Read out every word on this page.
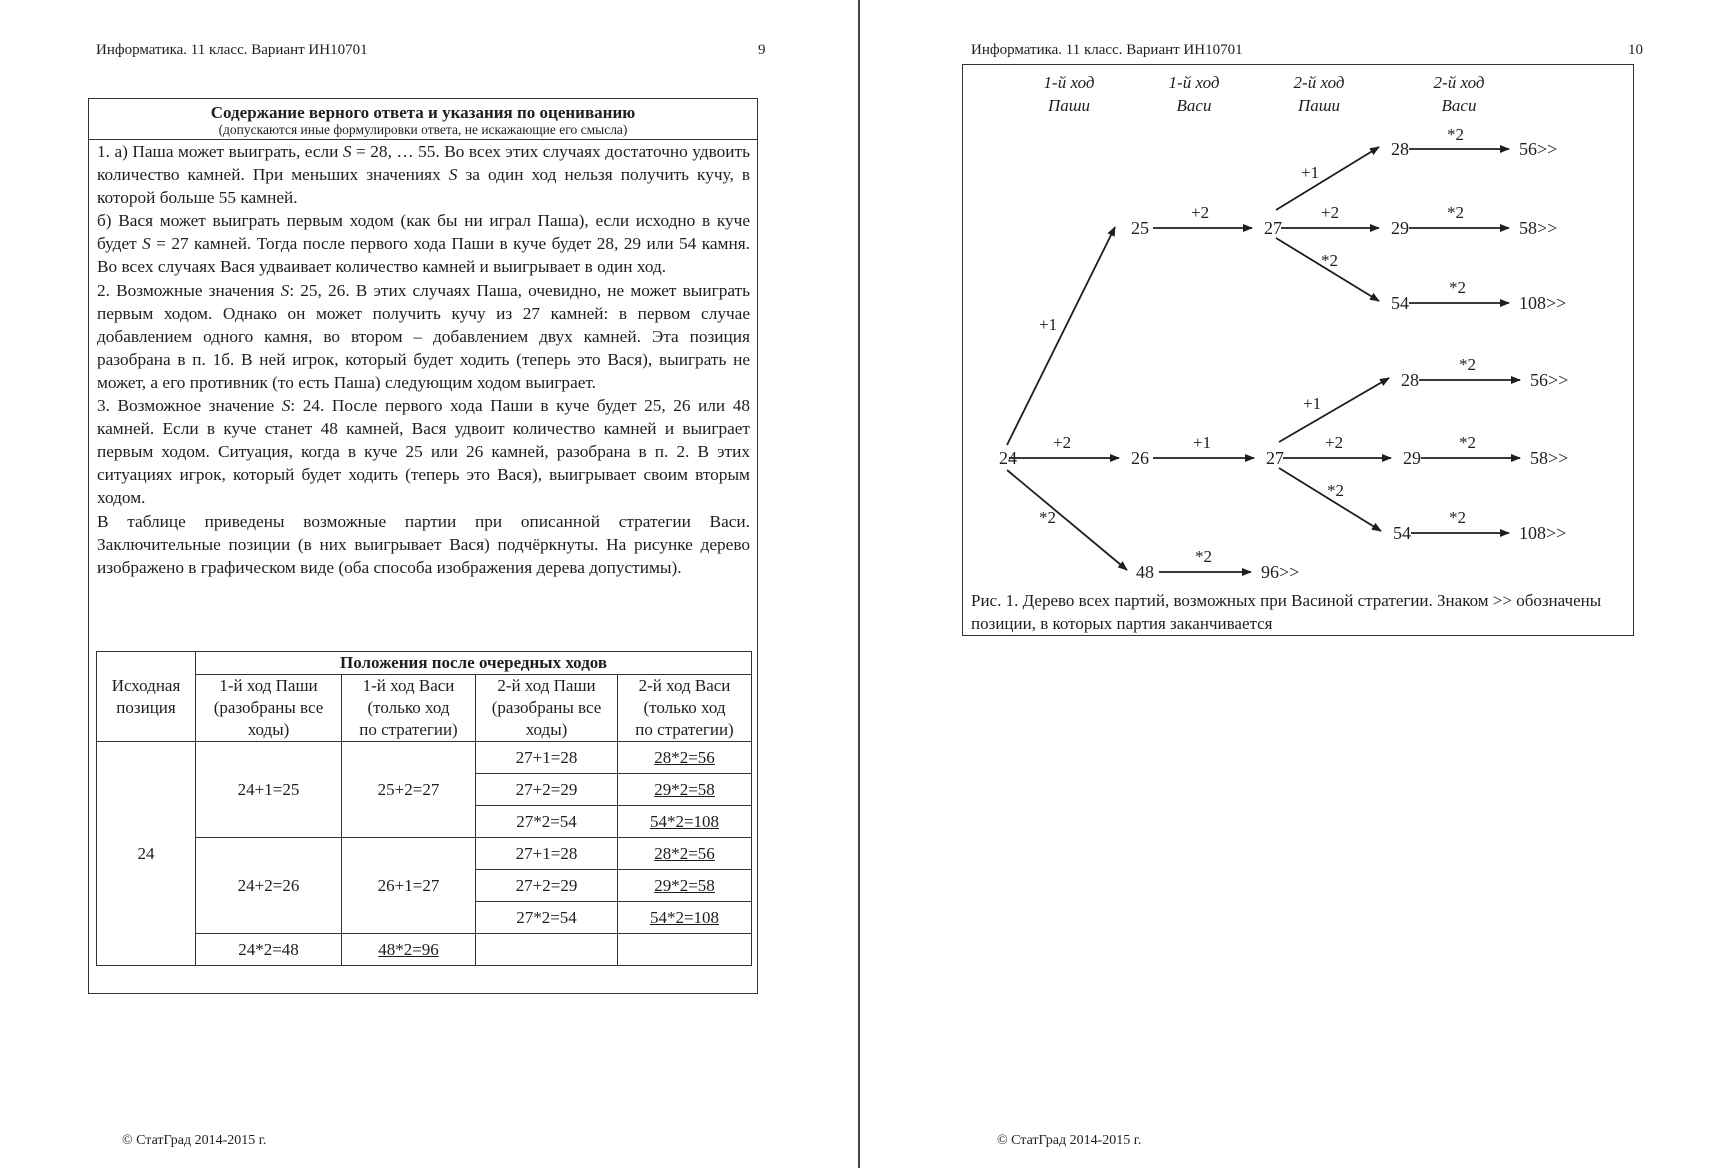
Информатика. 11 класс. Вариант ИН10701	9
Содержание верного ответа и указания по оцениванию
(допускаются иные формулировки ответа, не искажающие его смысла)

1. а) Паша может выиграть, если S = 28, … 55. Во всех этих случаях достаточно удвоить количество камней. При меньших значениях S за один ход нельзя получить кучу, в которой больше 55 камней.

б) Вася может выиграть первым ходом (как бы ни играл Паша), если исходно в куче будет S = 27 камней. Тогда после первого хода Паши в куче будет 28, 29 или 54 камня. Во всех случаях Вася удваивает количество камней и выигрывает в один ход.

2. Возможные значения S: 25, 26. В этих случаях Паша, очевидно, не может выиграть первым ходом. Однако он может получить кучу из 27 камней: в первом случае добавлением одного камня, во втором – добавлением двух камней. Эта позиция разобрана в п. 1б. В ней игрок, который будет ходить (теперь это Вася), выиграть не может, а его противник (то есть Паша) следующим ходом выиграет.

3. Возможное значение S: 24. После первого хода Паши в куче будет 25, 26 или 48 камней. Если в куче станет 48 камней, Вася удвоит количество камней и выиграет первым ходом. Ситуация, когда в куче 25 или 26 камней, разобрана в п. 2. В этих ситуациях игрок, который будет ходить (теперь это Вася), выигрывает своим вторым ходом.

В таблице приведены возможные партии при описанной стратегии Васи. Заключительные позиции (в них выигрывает Вася) подчёркнуты. На рисунке дерево изображено в графическом виде (оба способа изображения дерева допустимы).

Исходная позиция	Положения после очередных ходов			
	1-й ход Паши
(разобраны все
ходы)	1-й ход Васи
(только ход
по стратегии)	2-й ход Паши
(разобраны все
ходы)	2-й ход Васи
(только ход
по стратегии)
24	24+1=25	25+2=27	27+1=28	28*2=56
			27+2=29	29*2=58
			27*2=54	54*2=108
	24+2=26	26+1=27	27+1=28	28*2=56
			27+2=29	29*2=58
			27*2=54	54*2=108
	24*2=48	48*2=96		
© СтатГрад 2014-2015 г.
Информатика. 11 класс. Вариант ИН10701	10
© СтатГрад 2014-2015 г.
1-й ход
Паши
1-й ход
Васи
2-й ход
Паши
2-й ход
Васи
24
25
26
48
27
27
96>>
28
29
54
28
29
54
56>>
58>>
108>>
56>>
58>>
108>>
+1
+2
*2
+2
+1
*2
+1
+2
*2
+1
+2
*2
*2
*2
*2
*2
*2
*2
Рис. 1. Дерево всех партий, возможных при Васиной стратегии. Знаком >> обозначены позиции, в которых партия заканчивается
